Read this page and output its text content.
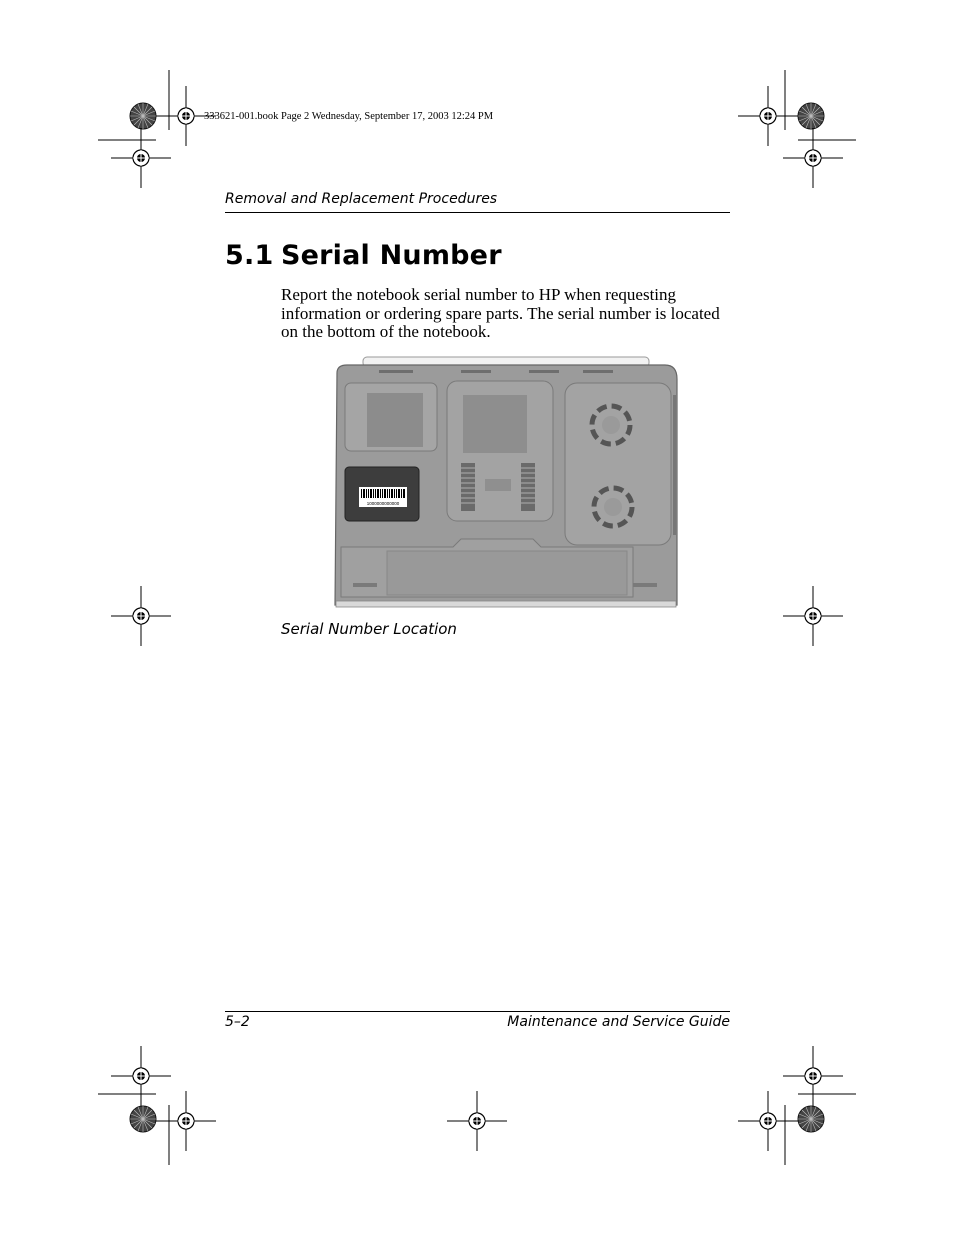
333621-001.book Page 2 Wednesday, September 17, 2003 12:24 PM
Removal and Replacement Procedures
5.1 Serial Number
Report the notebook serial number to HP when requesting information or ordering spare parts. The serial number is located on the bottom of the notebook.
1000000000000
Serial Number Location
5–2	Maintenance and Service Guide
